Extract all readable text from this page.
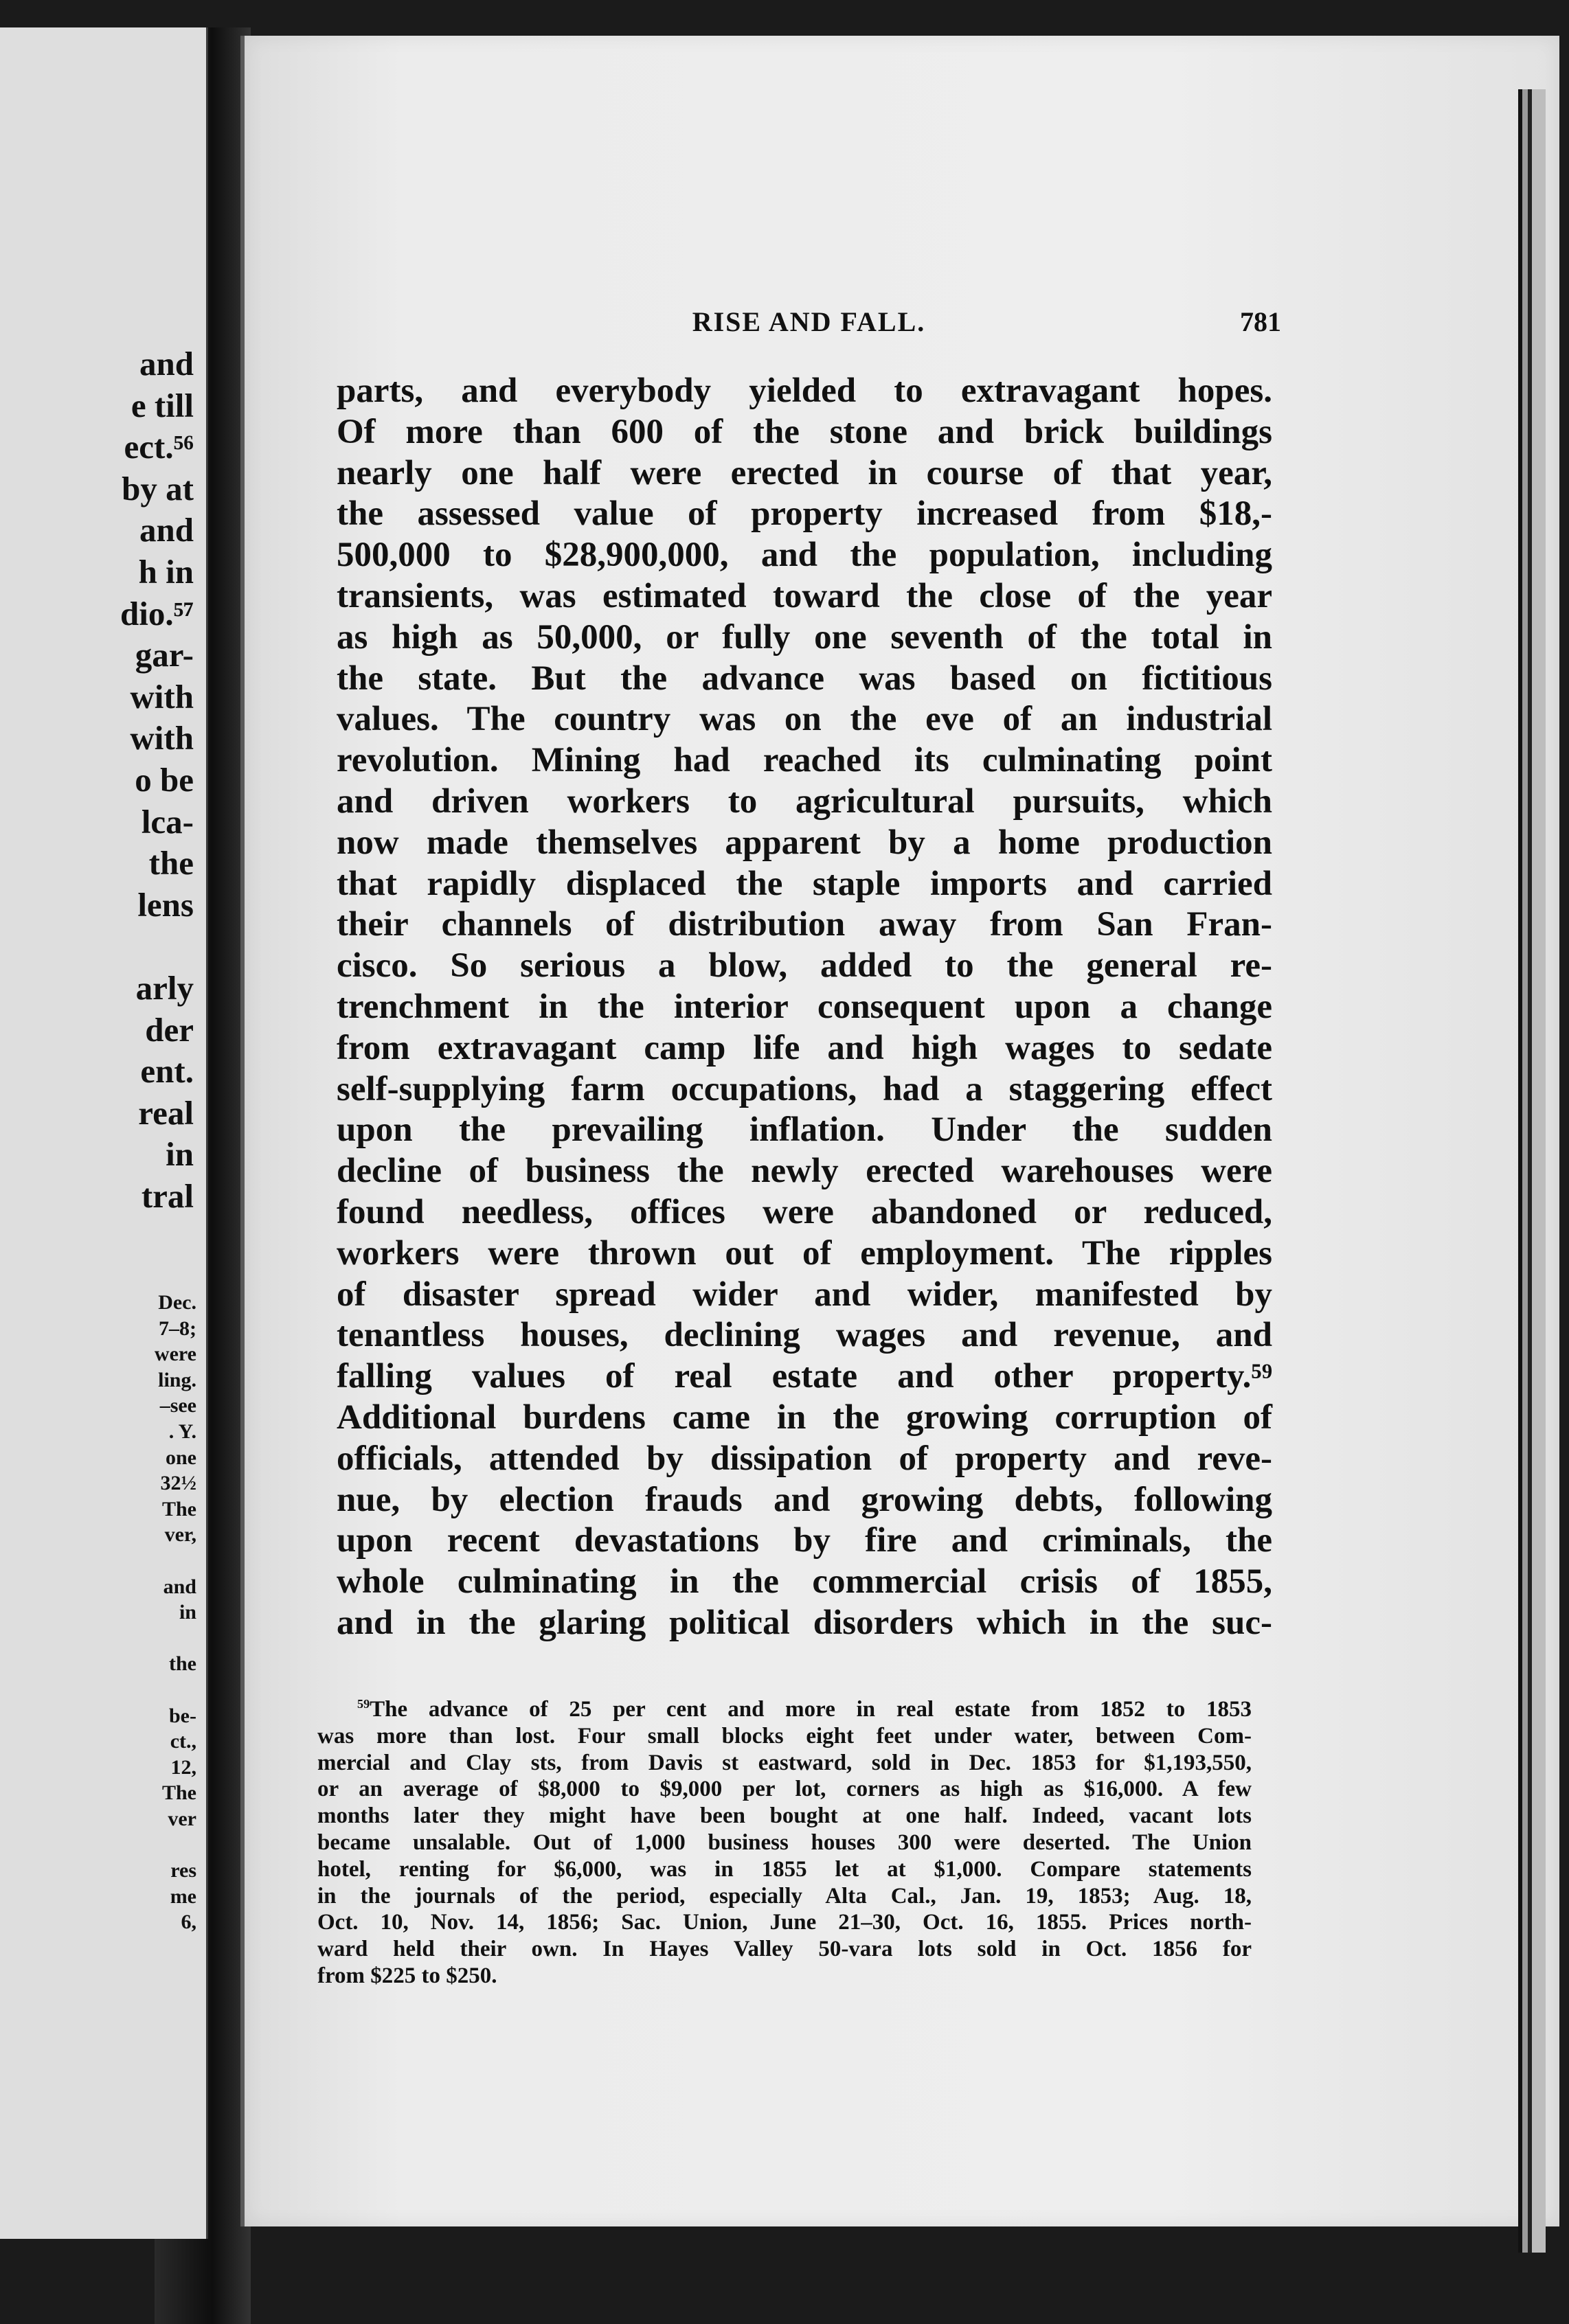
and
e till
ect.⁵⁶
by at
and
h in
dio.⁵⁷
gar-
with
with
o be
lca-
the
lens

arly
der
ent.
real
in
tral
Dec.
7–8;
were
ling.
–see
. Y.
one
32½
The
ver,

and
in

the

be-
ct.,
12,
The
ver

res
me
6,
RISE AND FALL.	781
parts, and everybody yielded to extravagant hopes.
Of more than 600 of the stone and brick buildings
nearly one half were erected in course of that year,
the assessed value of property increased from $18,-
500,000 to $28,900,000, and the population, including
transients, was estimated toward the close of the year
as high as 50,000, or fully one seventh of the total in
the state. But the advance was based on fictitious
values. The country was on the eve of an industrial
revolution. Mining had reached its culminating point
and driven workers to agricultural pursuits, which
now made themselves apparent by a home production
that rapidly displaced the staple imports and carried
their channels of distribution away from San Fran-
cisco. So serious a blow, added to the general re-
trenchment in the interior consequent upon a change
from extravagant camp life and high wages to sedate
self-supplying farm occupations, had a staggering effect
upon the prevailing inflation. Under the sudden
decline of business the newly erected warehouses were
found needless, offices were abandoned or reduced,
workers were thrown out of employment. The ripples
of disaster spread wider and wider, manifested by
tenantless houses, declining wages and revenue, and
falling values of real estate and other property.⁵⁹
Additional burdens came in the growing corruption of
officials, attended by dissipation of property and reve-
nue, by election frauds and growing debts, following
upon recent devastations by fire and criminals, the
whole culminating in the commercial crisis of 1855,
and in the glaring political disorders which in the suc-
$^{59}$The advance of 25 per cent and more in real estate from 1852 to 1853
was more than lost. Four small blocks eight feet under water, between Com-
mercial and Clay sts, from Davis st eastward, sold in Dec. 1853 for $1,193,550,
or an average of $8,000 to $9,000 per lot, corners as high as $16,000. A few
months later they might have been bought at one half. Indeed, vacant lots
became unsalable. Out of 1,000 business houses 300 were deserted. The Union
hotel, renting for $6,000, was in 1855 let at $1,000. Compare statements
in the journals of the period, especially Alta Cal., Jan. 19, 1853; Aug. 18,
Oct. 10, Nov. 14, 1856; Sac. Union, June 21–30, Oct. 16, 1855. Prices north-
ward held their own. In Hayes Valley 50-vara lots sold in Oct. 1856 for
from $225 to $250.
